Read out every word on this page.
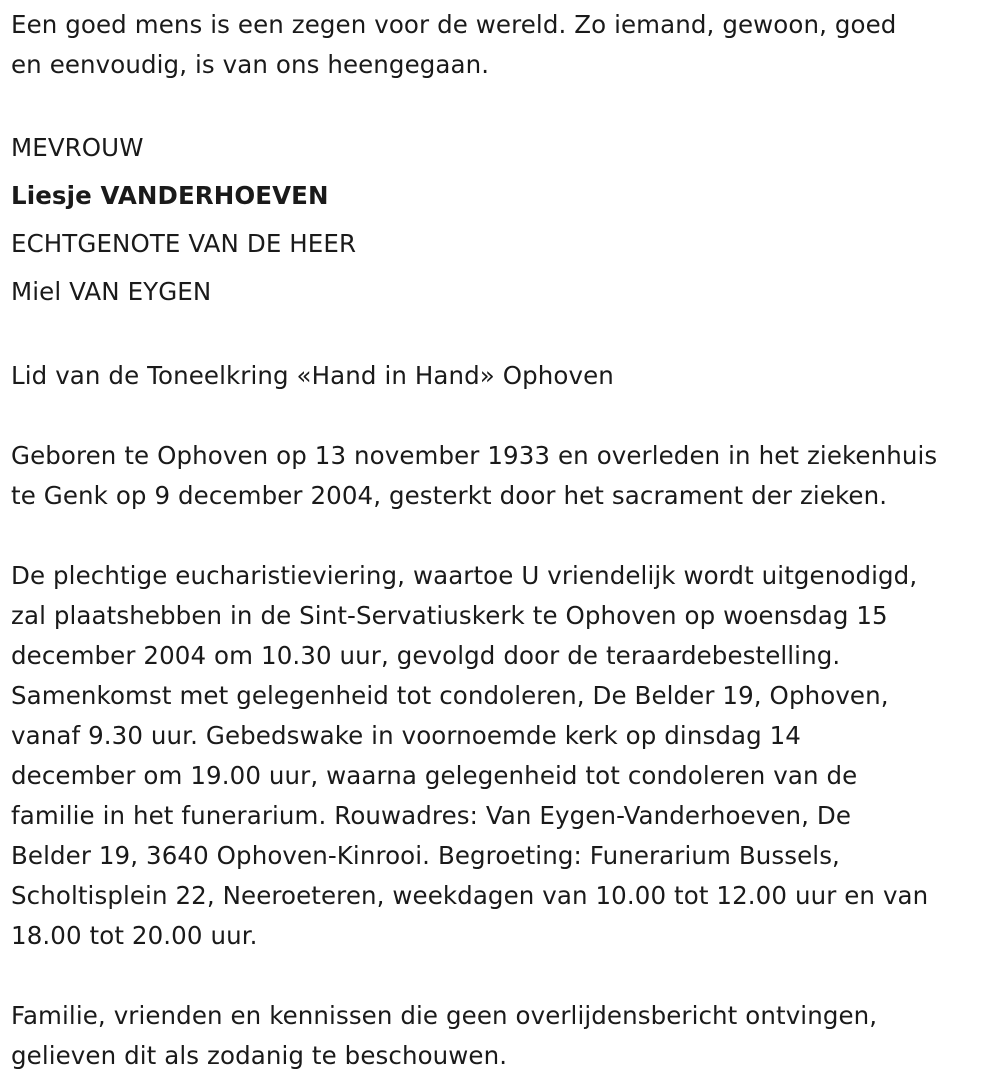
Een goed mens is een zegen voor de wereld. Zo iemand, gewoon, goed
en eenvoudig, is van ons heengegaan.
MEVROUW
Liesje VANDERHOEVEN
ECHTGENOTE VAN DE HEER
Miel VAN EYGEN
Lid van de Toneelkring «Hand in Hand» Ophoven
Geboren te Ophoven op 13 november 1933 en overleden in het ziekenhuis
te Genk op 9 december 2004, gesterkt door het sacrament der zieken.
De plechtige eucharistieviering, waartoe U vriendelijk wordt uitgenodigd,
zal plaatshebben in de Sint-Servatiuskerk te Ophoven op woensdag 15
december 2004 om 10.30 uur, gevolgd door de teraardebestelling.
Samenkomst met gelegenheid tot condoleren, De Belder 19, Ophoven,
vanaf 9.30 uur. Gebedswake in voornoemde kerk op dinsdag 14
december om 19.00 uur, waarna gelegenheid tot condoleren van de
familie in het funerarium. Rouwadres: Van Eygen-Vanderhoeven, De
Belder 19, 3640 Ophoven-Kinrooi. Begroeting: Funerarium Bussels,
Scholtisplein 22, Neeroeteren, weekdagen van 10.00 tot 12.00 uur en van
18.00 tot 20.00 uur.
Familie, vrienden en kennissen die geen overlijdensbericht ontvingen,
gelieven dit als zodanig te beschouwen.
